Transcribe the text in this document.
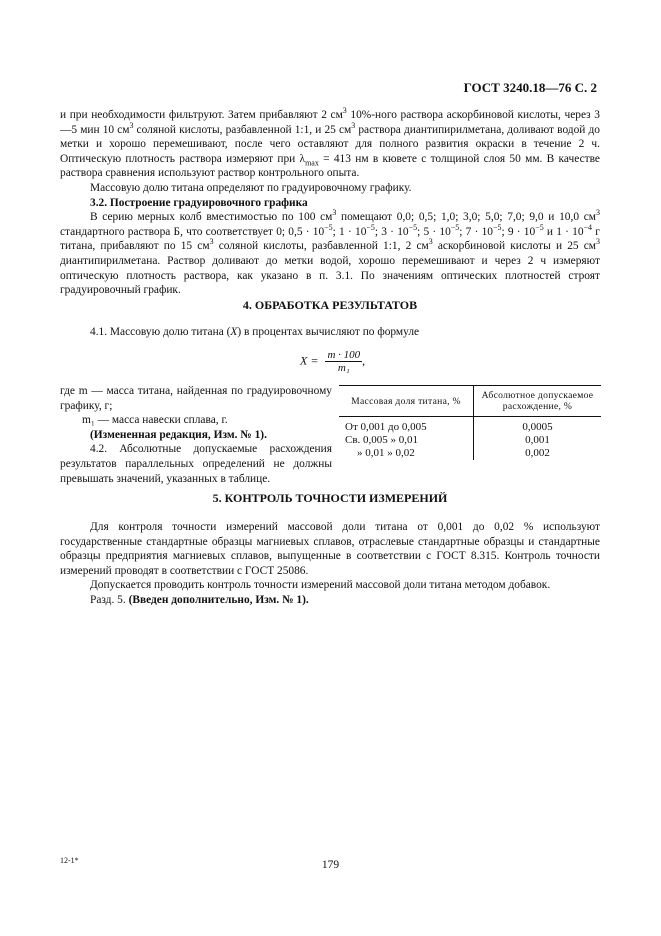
ГОСТ 3240.18—76 С. 2

и при необходимости фильтруют. Затем прибавляют 2 $см^3$ 10%-ного раствора аскорбиновой кислоты, через 3—5 мин 10 $см^3$ соляной кислоты, разбавленной 1:1, и 25 $см^3$ раствора диантипирилметана, доливают водой до метки и хорошо перемешивают, после чего оставляют для полного развития окраски в течение 2 ч. Оптическую плотность раствора измеряют при $\lambda_{max} = 413$ нм в кювете с толщиной слоя 50 мм. В качестве раствора сравнения используют раствор контрольного опыта.

Массовую долю титана определяют по градуировочному графику.

3.2. Построение градуировочного графика

В серию мерных колб вместимостью по 100 $см^3$ помещают 0,0; 0,5; 1,0; 3,0; 5,0; 7,0; 9,0 и 10,0 $см^3$ стандартного раствора Б, что соответствует 0; $0,5 \cdot 10^{-5}$; $1 \cdot 10^{-5}$; $3 \cdot 10^{-5}$; $5 \cdot 10^{-5}$; $7 \cdot 10^{-5}$; $9 \cdot 10^{-5}$ и $1 \cdot 10^{-4}$ г титана, прибавляют по 15 $см^3$ соляной кислоты, разбавленной 1:1, 2 $см^3$ аскорбиновой кислоты и 25 $см^3$ диантипирилметана. Раствор доливают до метки водой, хорошо перемешивают и через 2 ч измеряют оптическую плотность раствора, как указано в п. 3.1. По значениям оптических плотностей строят градуировочный график.

4. ОБРАБОТКА РЕЗУЛЬТАТОВ

4.1. Массовую долю титана (X) в процентах вычисляют по формуле

$X = \frac{m \cdot 100}{\text{m₁}}$ ,

где m — масса титана, найденная по градуировочному графику, г;

m₁ — масса навески сплава, г.

(Измененная редакция, Изм. № 1).

4.2. Абсолютные допускаемые расхождения результатов параллельных определений не должны превышать значений, указанных в таблице.

Массовая доля титана, %	Абсолютное допускаемое расхождение, %
От 0,001 до 0,005	0,0005
Св. 0,005 » 0,01	0,001
» 0,01 » 0,02	0,002
5. КОНТРОЛЬ ТОЧНОСТИ ИЗМЕРЕНИЙ

Для контроля точности измерений массовой доли титана от 0,001 до 0,02 % используют государственные стандартные образцы магниевых сплавов, отраслевые стандартные образцы и стандартные образцы предприятия магниевых сплавов, выпущенные в соответствии с ГОСТ 8.315. Контроль точности измерений проводят в соответствии с ГОСТ 25086.

Допускается проводить контроль точности измерений массовой доли титана методом добавок.

Разд. 5. (Введен дополнительно, Изм. № 1).

12-1*	179
